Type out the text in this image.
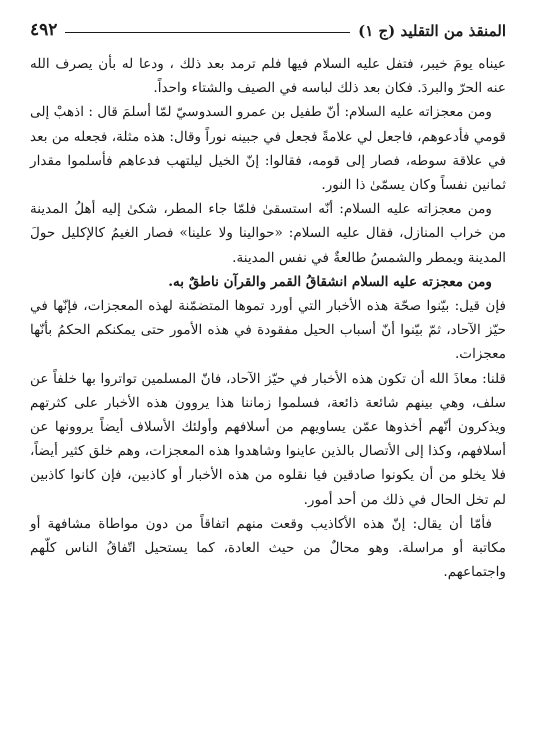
المنقذ من التقليد (ج ١)
٤٩٢

عيناه يومَ خيبر، فتفل عليه السلام فيها فلم ترمد بعد ذلك ، ودعا له بأن يصرف الله عنه الحرّ والبردَ. فكان بعد ذلك لباسه في الصيف والشتاء واحداً.

ومن معجزاته عليه السلام: أنّ طفيل بن عمرو السدوسيّ لمّا أسلمَ قال : اذهبْ إلى قومي فأدعوهم، فاجعل لي علامةً فجعل في جبينه نوراً وقال: هذه مثلة، فجعله من بعد في علاقة سوطه، فصار إلى قومه، فقالوا: إنّ الخيل ليلتهب فدعاهم فأسلموا مقدار ثمانين نفساً وكان يسمّىٰ ذا النور.

ومن معجزاته عليه السلام: أنّه استسقىٰ فلمّا جاء المطر، شكىٰ إليه أهلُ المدينة من خراب المنازل، فقال عليه السلام: «حوالينا ولا علينا» فصار الغيمُ كالإكليل حولَ المدينة ويمطر والشمسُ طالعةٌ في نفس المدينة.

ومن معجزته عليه السلام انشقاقُ القمر والقرآن ناطقٌ به.

فإن قيل: بيّنوا صحّة هذه الأخبار التي أورد تموها المتضمّنة لهذه المعجزات، فإنّها في حيّز الآحاد، ثمّ بيّنوا أنّ أسباب الحيل مفقودة في هذه الأمور حتى يمكنكم الحكمُ بأنّها معجزات.

قلنا: معاذَ الله أن تكون هذه الأخبار في حيّز الآحاد، فانّ المسلمين تواتروا بها خلفاً عن سلف، وهي بينهم شائعة ذائعة، فسلموا زماننا هذا يروون هذه الأخبار على كثرتهم ويذكرون أنّهم أخذوها عمّن يساويهم من أسلافهم وأولئك الأسلاف أيضاً يروونها عن أسلافهم، وكذا إلى الأتصال بالذين عاينوا وشاهدوا هذه المعجزات، وهم خلق كثير أيضاً، فلا يخلو من أن يكونوا صادقين فيا نقلوه من هذه الأخبار أو كاذبين، فإن كانوا كاذبين لم تخل الحال في ذلك من أحد أمور.

فأمّا أن يقال: إنّ هذه الأكاذيب وقعت منهم اتفاقاً من دون مواطاة مشافهة أو مكاتبة أو مراسلة. وهو محالٌ من حيث العادة، كما يستحيل اتّفاقُ الناس كلّهم واجتماعهم.
